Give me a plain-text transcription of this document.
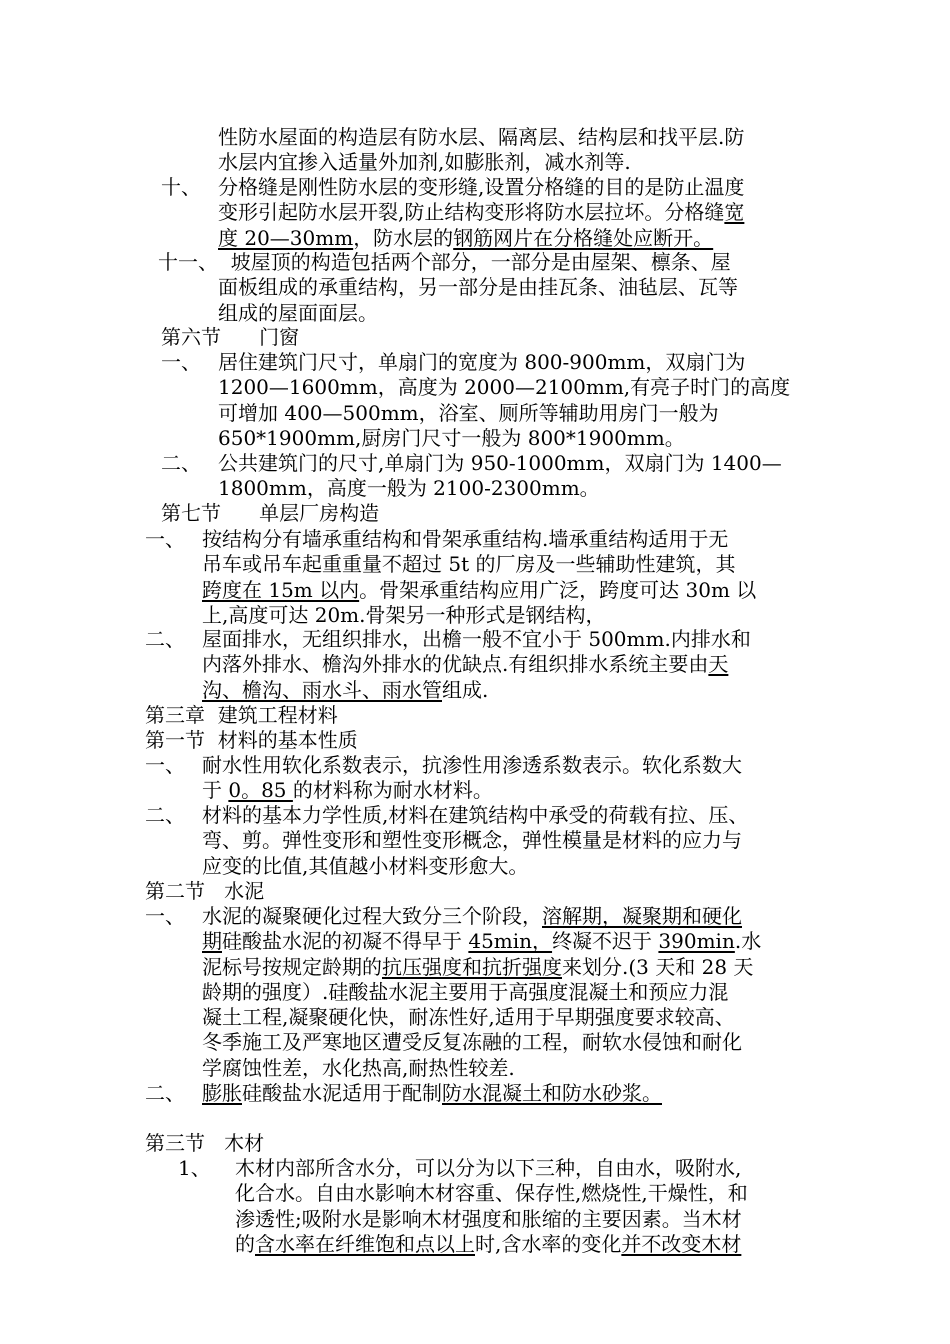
性防水屋面的构造层有防水层、隔离层、结构层和找平层.防
水层内宜掺入适量外加剂,如膨胀剂，减水剂等.
十、 分格缝是刚性防水层的变形缝,设置分格缝的目的是防止温度
变形引起防水层开裂,防止结构变形将防水层拉坏。分格缝宽
度 20—30mm，防水层的钢筋网片在分格缝处应断开。
十一、 坡屋顶的构造包括两个部分，一部分是由屋架、檩条、屋
面板组成的承重结构，另一部分是由挂瓦条、油毡层、瓦等
组成的屋面面层。
第六节      门窗
一、 居住建筑门尺寸，单扇门的宽度为 800-900mm，双扇门为
1200—1600mm，高度为 2000—2100mm,有亮子时门的高度
可增加 400—500mm，浴室、厕所等辅助用房门一般为
650*1900mm,厨房门尺寸一般为 800*1900mm。
二、 公共建筑门的尺寸,单扇门为 950-1000mm，双扇门为 1400—
1800mm，高度一般为 2100-2300mm。
第七节      单层厂房构造
一、 按结构分有墙承重结构和骨架承重结构.墙承重结构适用于无
吊车或吊车起重重量不超过 5t 的厂房及一些辅助性建筑，其
跨度在 15m 以内。骨架承重结构应用广泛，跨度可达 30m 以
上,高度可达 20m.骨架另一种形式是钢结构，
二、 屋面排水，无组织排水，出檐一般不宜小于 500mm.内排水和
内落外排水、檐沟外排水的优缺点.有组织排水系统主要由天
沟、檐沟、雨水斗、雨水管组成.
第三章  建筑工程材料
第一节  材料的基本性质
一、 耐水性用软化系数表示，抗渗性用渗透系数表示。软化系数大
于 0。85 的材料称为耐水材料。
二、 材料的基本力学性质,材料在建筑结构中承受的荷载有拉、压、
弯、剪。弹性变形和塑性变形概念，弹性模量是材料的应力与
应变的比值,其值越小材料变形愈大。
第二节   水泥
一、 水泥的凝聚硬化过程大致分三个阶段，溶解期，凝聚期和硬化
期硅酸盐水泥的初凝不得早于 45min，终凝不迟于 390min.水
泥标号按规定龄期的抗压强度和抗折强度来划分.(3 天和 28 天
龄期的强度）.硅酸盐水泥主要用于高强度混凝土和预应力混
凝土工程,凝聚硬化快，耐冻性好,适用于早期强度要求较高、
冬季施工及严寒地区遭受反复冻融的工程，耐软水侵蚀和耐化
学腐蚀性差，水化热高,耐热性较差.
二、 膨胀硅酸盐水泥适用于配制防水混凝土和防水砂浆。
第三节   木材
1、 木材内部所含水分，可以分为以下三种，自由水，吸附水,
化合水。自由水影响木材容重、保存性,燃烧性,干燥性，和
渗透性;吸附水是影响木材强度和胀缩的主要因素。当木材
的含水率在纤维饱和点以上时,含水率的变化并不改变木材
